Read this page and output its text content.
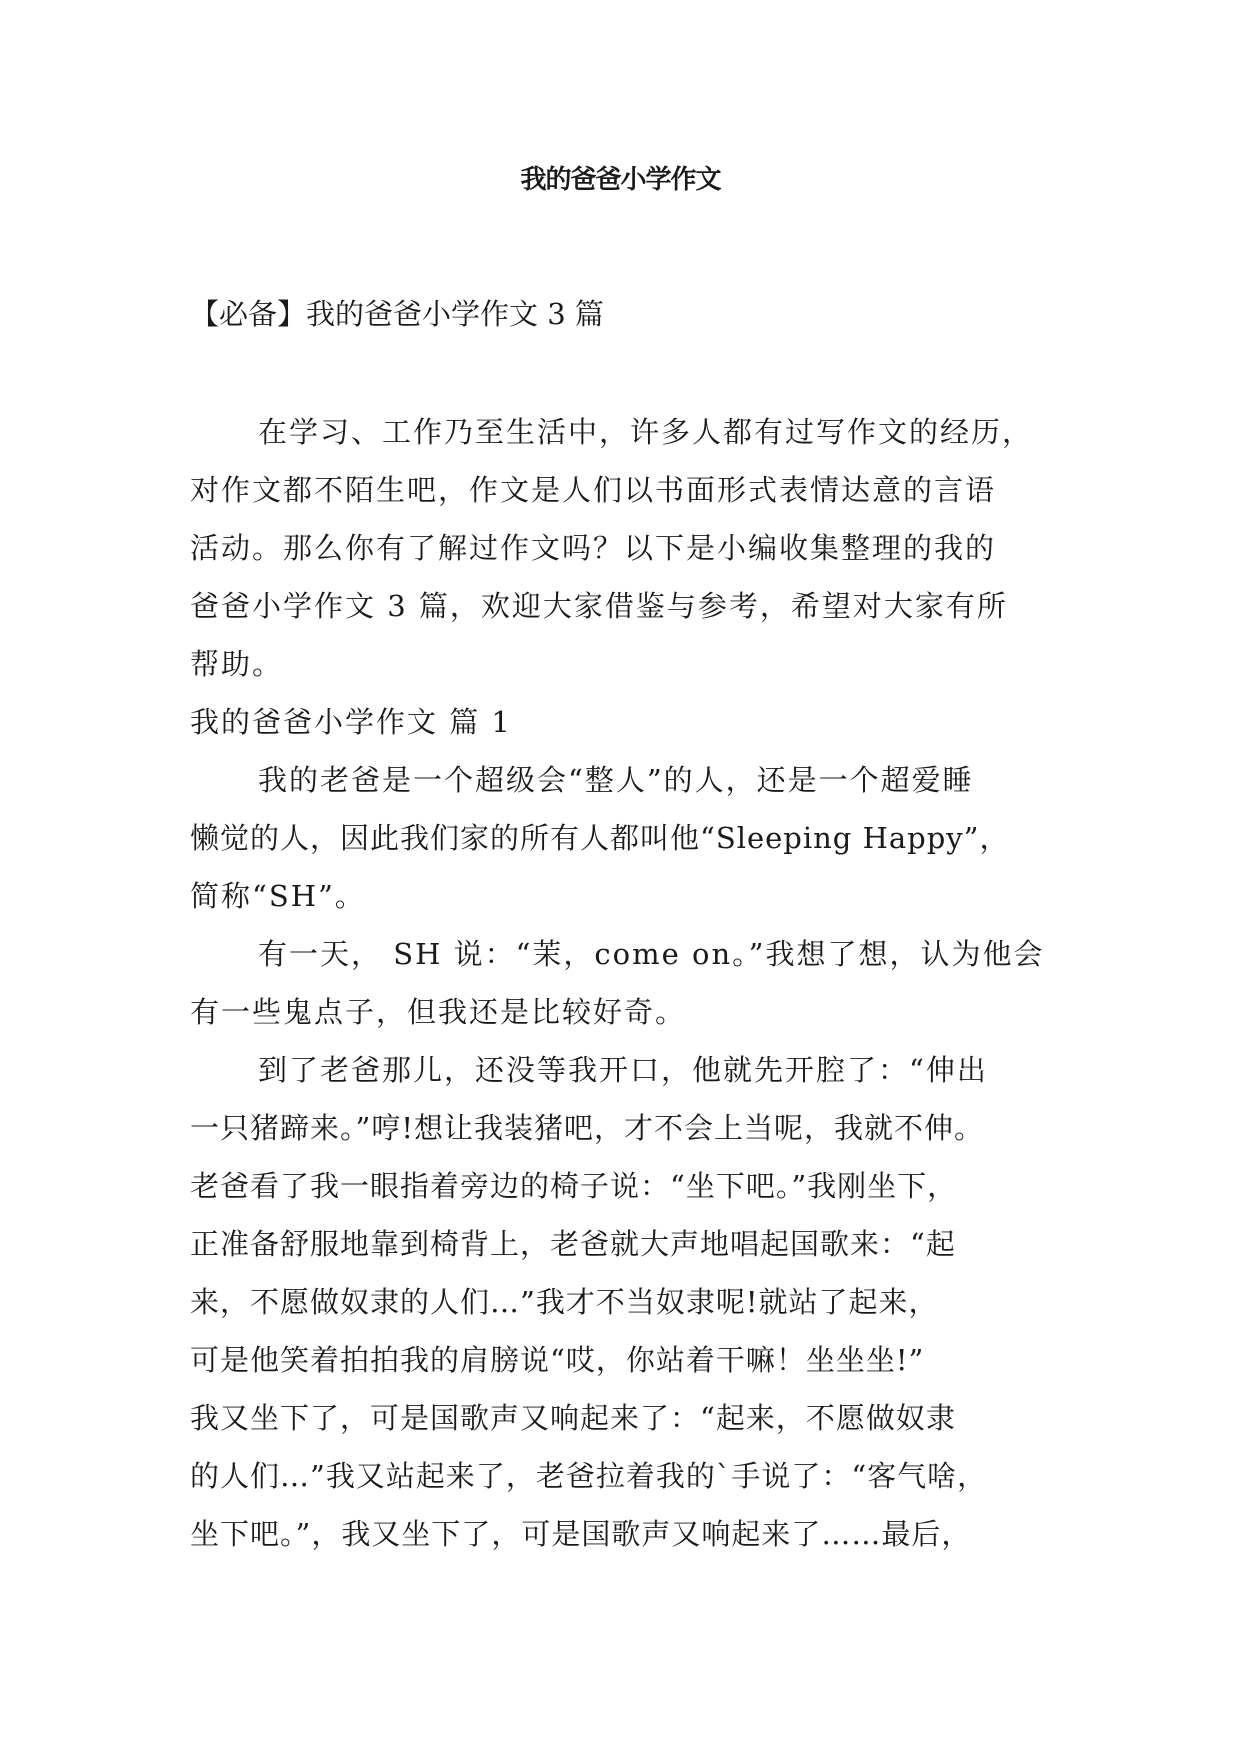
我的爸爸小学作文
【必备】我的爸爸小学作文 3 篇
在学习、工作乃至生活中，许多人都有过写作文的经历，
对作文都不陌生吧，作文是人们以书面形式表情达意的言语
活动。那么你有了解过作文吗？以下是小编收集整理的我的
爸爸小学作文 3 篇，欢迎大家借鉴与参考，希望对大家有所
帮助。
我的爸爸小学作文 篇 1
我的老爸是一个超级会“整人”的人，还是一个超爱睡
懒觉的人，因此我们家的所有人都叫他“Sleeping Happy”，
简称“SH”。
有一天， SH 说：“茉，come on。”我想了想，认为他会
有一些鬼点子，但我还是比较好奇。
到了老爸那儿，还没等我开口，他就先开腔了：“伸出
一只猪蹄来。”哼!想让我装猪吧，才不会上当呢，我就不伸。
老爸看了我一眼指着旁边的椅子说：“坐下吧。”我刚坐下，
正准备舒服地靠到椅背上，老爸就大声地唱起国歌来：“起
来，不愿做奴隶的人们…”我才不当奴隶呢!就站了起来，
可是他笑着拍拍我的肩膀说“哎，你站着干嘛！坐坐坐!”
我又坐下了，可是国歌声又响起来了：“起来，不愿做奴隶
的人们…”我又站起来了，老爸拉着我的`手说了：“客气啥，
坐下吧。”，我又坐下了，可是国歌声又响起来了……最后，
